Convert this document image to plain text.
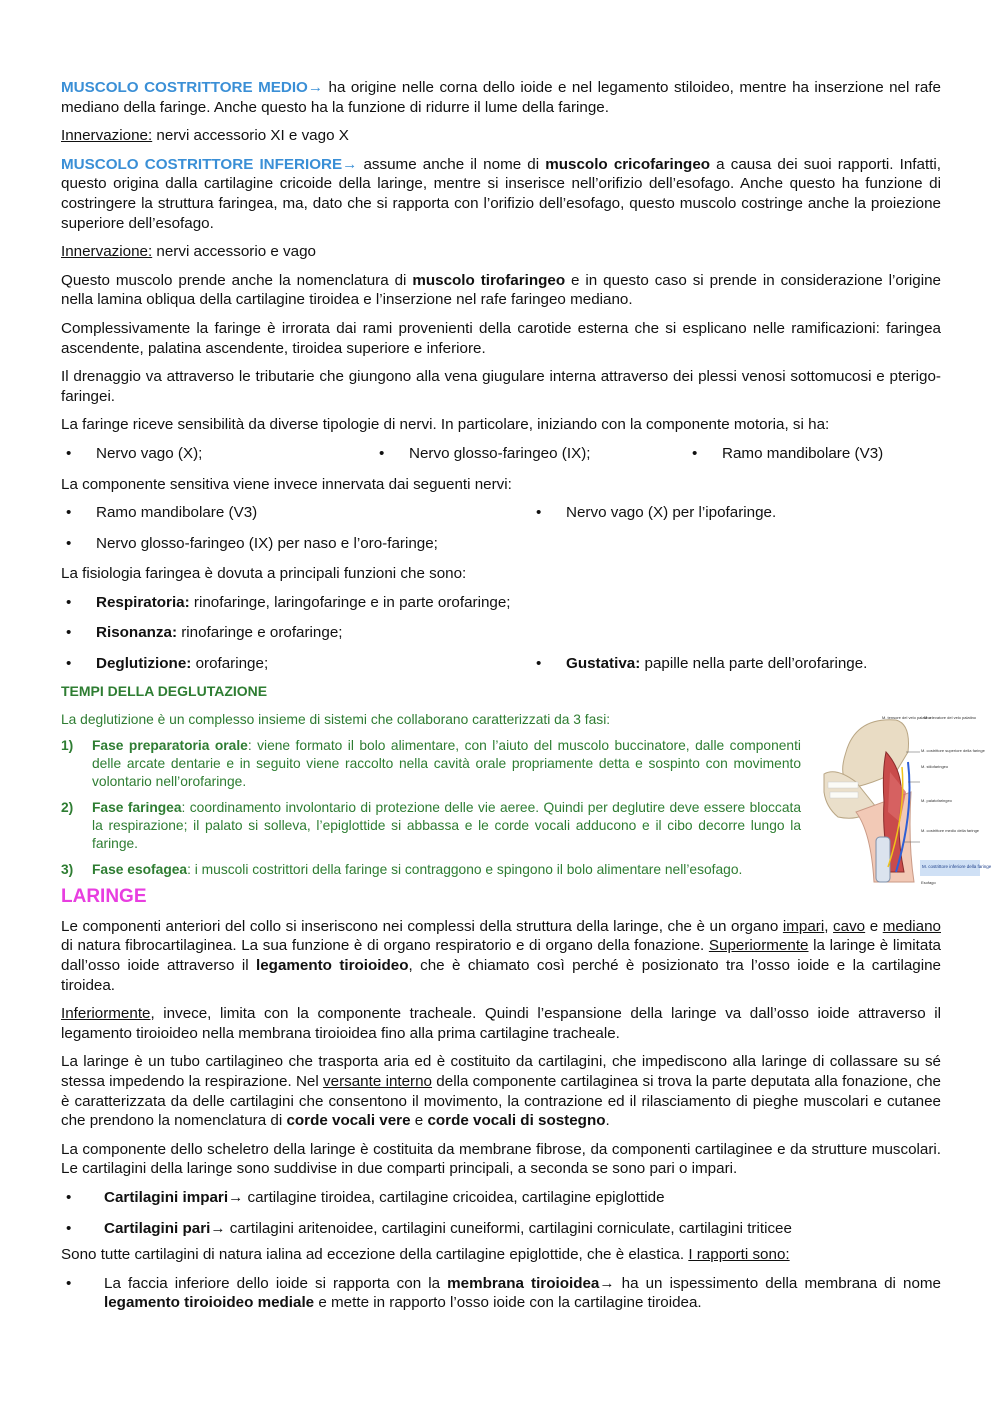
MUSCOLO COSTRITTORE MEDIO→ ha origine nelle corna dello ioide e nel legamento stiloideo, mentre ha inserzione nel rafe mediano della faringe. Anche questo ha la funzione di ridurre il lume della faringe.

Innervazione: nervi accessorio XI e vago X

MUSCOLO COSTRITTORE INFERIORE→ assume anche il nome di muscolo cricofaringeo a causa dei suoi rapporti. Infatti, questo origina dalla cartilagine cricoide della laringe, mentre si inserisce nell’orifizio dell’esofago. Anche questo ha funzione di costringere la struttura faringea, ma, dato che si rapporta con l’orifizio dell’esofago, questo muscolo costringe anche la proiezione superiore dell’esofago.

Innervazione: nervi accessorio e vago

Questo muscolo prende anche la nomenclatura di muscolo tirofaringeo e in questo caso si prende in considerazione l’origine nella lamina obliqua della cartilagine tiroidea e l’inserzione nel rafe faringeo mediano.

Complessivamente la faringe è irrorata dai rami provenienti della carotide esterna che si esplicano nelle ramificazioni: faringea ascendente, palatina ascendente, tiroidea superiore e inferiore.

Il drenaggio va attraverso le tributarie che giungono alla vena giugulare interna attraverso dei plessi venosi sottomucosi e pterigo-faringei.

La faringe riceve sensibilità da diverse tipologie di nervi. In particolare, iniziando con la componente motoria, si ha:

•	Nervo vago (X);	•	Nervo glosso-faringeo (IX);	•	Ramo mandibolare (V3)

La componente sensitiva viene invece innervata dai seguenti nervi:

•	Ramo mandibolare (V3)	•	Nervo vago (X) per l’ipofaringe.
•	Nervo glosso-faringeo (IX) per naso e l’oro-faringe;

La fisiologia faringea è dovuta a principali funzioni che sono:

•	Respiratoria: rinofaringe, laringofaringe e in parte orofaringe;
•	Risonanza: rinofaringe e orofaringe;
•	Deglutizione: orofaringe;	•	Gustativa: papille nella parte dell’orofaringe.
TEMPI DELLA DEGLUTAZIONE

La deglutizione è un complesso insieme di sistemi che collaborano caratterizzati da 3 fasi:

1)	Fase preparatoria orale: viene formato il bolo alimentare, con l’aiuto del muscolo buccinatore, dalle componenti delle arcate dentarie e in seguito viene raccolto nella cavità orale propriamente detta e sospinto con movimento volontario nell’orofaringe.
2)	Fase faringea: coordinamento involontario di protezione delle vie aeree. Quindi per deglutire deve essere bloccata la respirazione; il palato si solleva, l’epiglottide si abbassa e le corde vocali adducono e il cibo decorre lungo la faringe.
3)	Fase esofagea: i muscoli costrittori della faringe si contraggono e spingono il bolo alimentare nell’esofago.
LARINGE

Le componenti anteriori del collo si inseriscono nei complessi della struttura della laringe, che è un organo impari, cavo e mediano di natura fibrocartilaginea. La sua funzione è di organo respiratorio e di organo della fonazione. Superiormente la laringe è limitata dall’osso ioide attraverso il legamento tiroioideo, che è chiamato così perché è posizionato tra l’osso ioide e la cartilagine tiroidea.

Inferiormente, invece, limita con la componente tracheale. Quindi l’espansione della laringe va dall’osso ioide attraverso il legamento tiroioideo nella membrana tiroioidea fino alla prima cartilagine tracheale.

La laringe è un tubo cartilagineo che trasporta aria ed è costituito da cartilagini, che impediscono alla laringe di collassare su sé stessa impedendo la respirazione. Nel versante interno della componente cartilaginea si trova la parte deputata alla fonazione, che è caratterizzata da delle cartilagini che consentono il movimento, la contrazione ed il rilasciamento di pieghe muscolari e cutanee che prendono la nomenclatura di corde vocali vere e corde vocali di sostegno.

La componente dello scheletro della laringe è costituita da membrane fibrose, da componenti cartilaginee e da strutture muscolari. Le cartilagini della laringe sono suddivise in due comparti principali, a seconda se sono pari o impari.

•	Cartilagini impari→ cartilagine tiroidea, cartilagine cricoidea, cartilagine epiglottide
•	Cartilagini pari→ cartilagini aritenoidee, cartilagini cuneiformi, cartilagini corniculate, cartilagini triticee

Sono tutte cartilagini di natura ialina ad eccezione della cartilagine epiglottide, che è elastica. I rapporti sono:

•	La faccia inferiore dello ioide si rapporta con la membrana tiroioidea→ ha un ispessimento della membrana di nome legamento tiroioideo mediale e mette in rapporto l’osso ioide con la cartilagine tiroidea.
M. tensore del velo palatino
M. elevatore del velo palatino
M. costrittore superiore della faringe
M. stilofaringeo
M. costrittore medio della faringe
M. palatofaringeo
M. costrittore inferiore della faringe
Esofago
